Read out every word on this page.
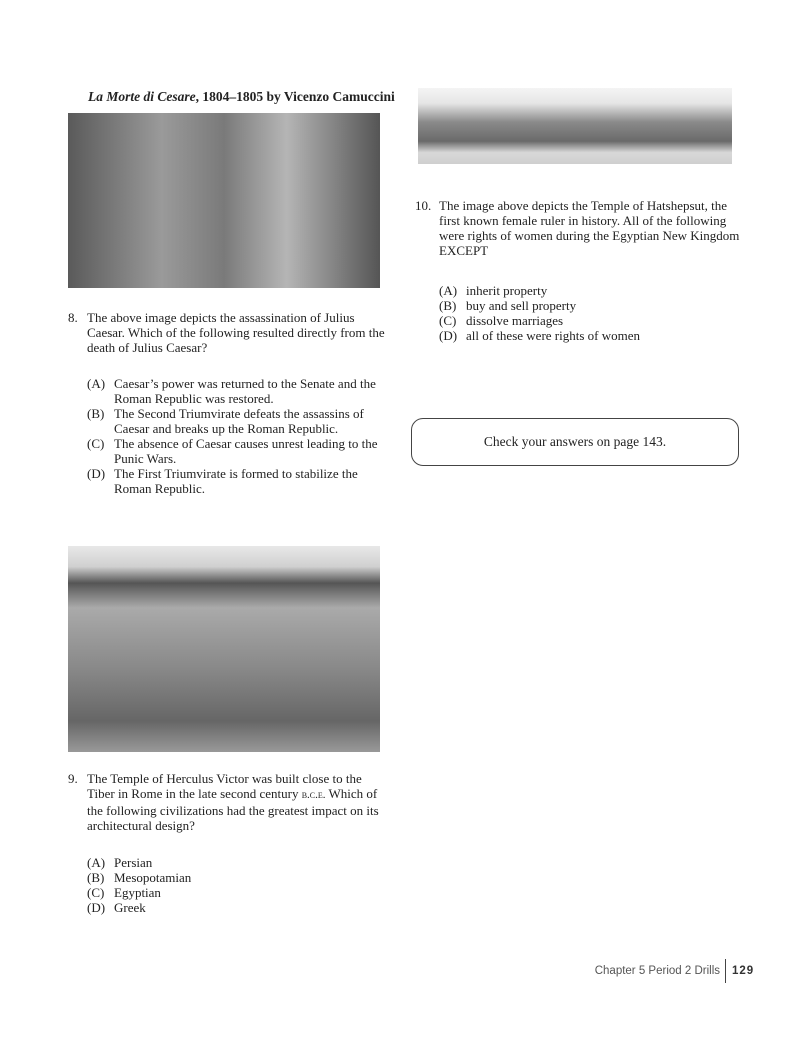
La Morte di Cesare, 1804–1805 by Vicenzo Camuccini
8. The above image depicts the assassination of Julius Caesar. Which of the following resulted directly from the death of Julius Caesar?
(A) Caesar’s power was returned to the Senate and the Roman Republic was restored.
(B) The Second Triumvirate defeats the assassins of Caesar and breaks up the Roman Republic.
(C) The absence of Caesar causes unrest leading to the Punic Wars.
(D) The First Triumvirate is formed to stabilize the Roman Republic.
9. The Temple of Herculus Victor was built close to the Tiber in Rome in the late second century b.c.e. Which of the following civilizations had the greatest impact on its architectural design?
(A) Persian
(B) Mesopotamian
(C) Egyptian
(D) Greek
10. The image above depicts the Temple of Hatshepsut, the first known female ruler in history. All of the following were rights of women during the Egyptian New Kingdom EXCEPT
(A) inherit property
(B) buy and sell property
(C) dissolve marriages
(D) all of these were rights of women
Check your answers on page 143.
Chapter 5 Period 2 Drills 129
